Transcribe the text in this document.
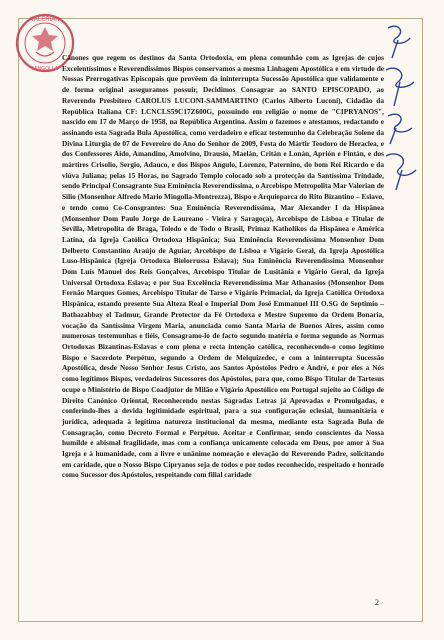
VALERIAN
MINGOLLA

Cânones que regem os destinos da Santa Ortodoxia, em plena comunhão com as Igrejas de cujos Excelentíssimos e Reverendíssimos Bispos conservamos a mesma Linhagem Apostólica e em virtude de Nossas Prerrogativas Episcopais que provêem da ininterrupta Sucessão Apostólica que validamente e de forma original asseguramos possuir, Decidimos Consagrar ao SANTO EPISCOPADO, ao Reverendo Presbítero CAROLUS LUCONI-SAMMARTINO (Carlos Alberto Luconi), Cidadão da República Italiana CF: LCNCLS59C17Z600G, possuindo em religião o nome de "CIPRYANOS", nascido em 17 de Março de 1958, na República Argentina. Assim o fazemos e atestamos, redactando e assinando esta Sagrada Bula Apostólica, como verdadeiro e eficaz testemunho da Celebração Solene da Divina Liturgia de 07 de Fevereiro do Ano do Senhor de 2009, Festa do Mártir Teodoro de Heraclea, e dos Confessores Aido, Amandino, Amolvino, Drausio, Maelán, Critán e Lonán, Aprión e Fintán, e dos mártires Crisolio, Sergio, Adauco, e dos Bispos Angulo, Lorenzo, Paternino, do bom Rei Ricardo e da viúva Juliana; pelas 15 Horas, no Sagrado Templo colocado sob a protecção da Santíssima Trindade, sendo Principal Consagrante Sua Eminência Reverendíssima, o Arcebispo Metropolita Mar Valerian de Silio (Monsenhor Alfredo Mario Mingolla-Montrezza), Bispo e Arquieparca do Rito Bizantino – Eslavo, e tendo como Co-Consgrantes: Sua Eminência Reverendíssima, Mar Alexander I da Hispânea (Monsenhor Dom Paulo Jorge de Laureano - Vieira y Saragoça), Arcebispo de Lisboa e Titular de Sevilla, Metropolita de Braga, Toledo e de Todo o Brasil, Primaz Katholikos da Hispânea e América Latina, da Igreja Católica Ortodoxa Hispânica; Sua Eminência Reverendíssima Monsenhor Dom Delberto Constantino Araújo de Aguiar, Arcebispo de Lisboa e Vigário Geral, da Igreja Apostólica Luso-Hispânica (Igreja Ortodoxa Bielorrussa Eslava); Sua Eminência Reverendíssima Monsenhor Dom Luís Manuel dos Reis Gonçalves, Arcebispo Titular de Lusitânia e Vigário Geral, da Igreja Universal Ortodoxa Eslava; e por Sua Excelência Reverendíssima Mar Athanasios (Monsenhor Dom Fernão Marques Gomes, Arcebispo Titular de Tarso e Vigário Primacial, da Igreja Católica Ortodoxa Hispânica, estando presente Sua Alteza Real e Imperial Dom José Emmanuel III O.SG de Septimio – Bathazabbay el Tadmur, Grande Protector da Fé Ortodoxa e Mestre Supremo da Ordem Bonaria, vocação da Santíssima Virgem Maria, anunciada como Santa Maria de Buenos Aires, assim como numerosas testemunhas e fiéis, Consagramo-lo de facto segundo matéria e forma segundo as Normas Ortodoxas Bizantinas-Eslavas e com plena e recta intenção católica, reconhecendo-o como legítimo Bispo e Sacerdote Perpétuo, segundo a Ordem de Melquizedec, e com a ininterrupta Sucessão Apostólica, desde Nosso Senhor Jesus Cristo, aos Santos Apóstolos Pedro e André, e por eles a Nós como legítimos Bispos, verdadeiros Sucessores dos Apóstolos, para que, como Bispo Titular de Tartesus ocupe o Ministério de Bispo Coadjutor de Milão e Vigário Apostólico em Portugal sujeito ao Código de Direito Canónico Oriental, Reconhecendo nestas Sagradas Letras já Aprovadas e Promulgadas, e conferindo-lhes a devida legitimidade espiritual, para a sua configuração eclesial, humanitária e jurídica, adequada à legítima natureza institucional da mesma, mediante esta Sagrada Bula de Consagração, como Decreto Formal e Perpétuo. Aceitar e Confirmar, sendo conscientes da Nossa humilde e abismal fragilidade, mas com a confiança unicamente colocada em Deus, por amor à Sua Igreja e à humanidade, com a livre e unânime nomeação e elevação do Reverendo Padre, solicitando em caridade, que o Nosso Bispo Cipryanos seja de todos e por todos reconhecido, respeitado e honrado como Sucessor dos Apóstolos, respeitando com filial caridade

2
